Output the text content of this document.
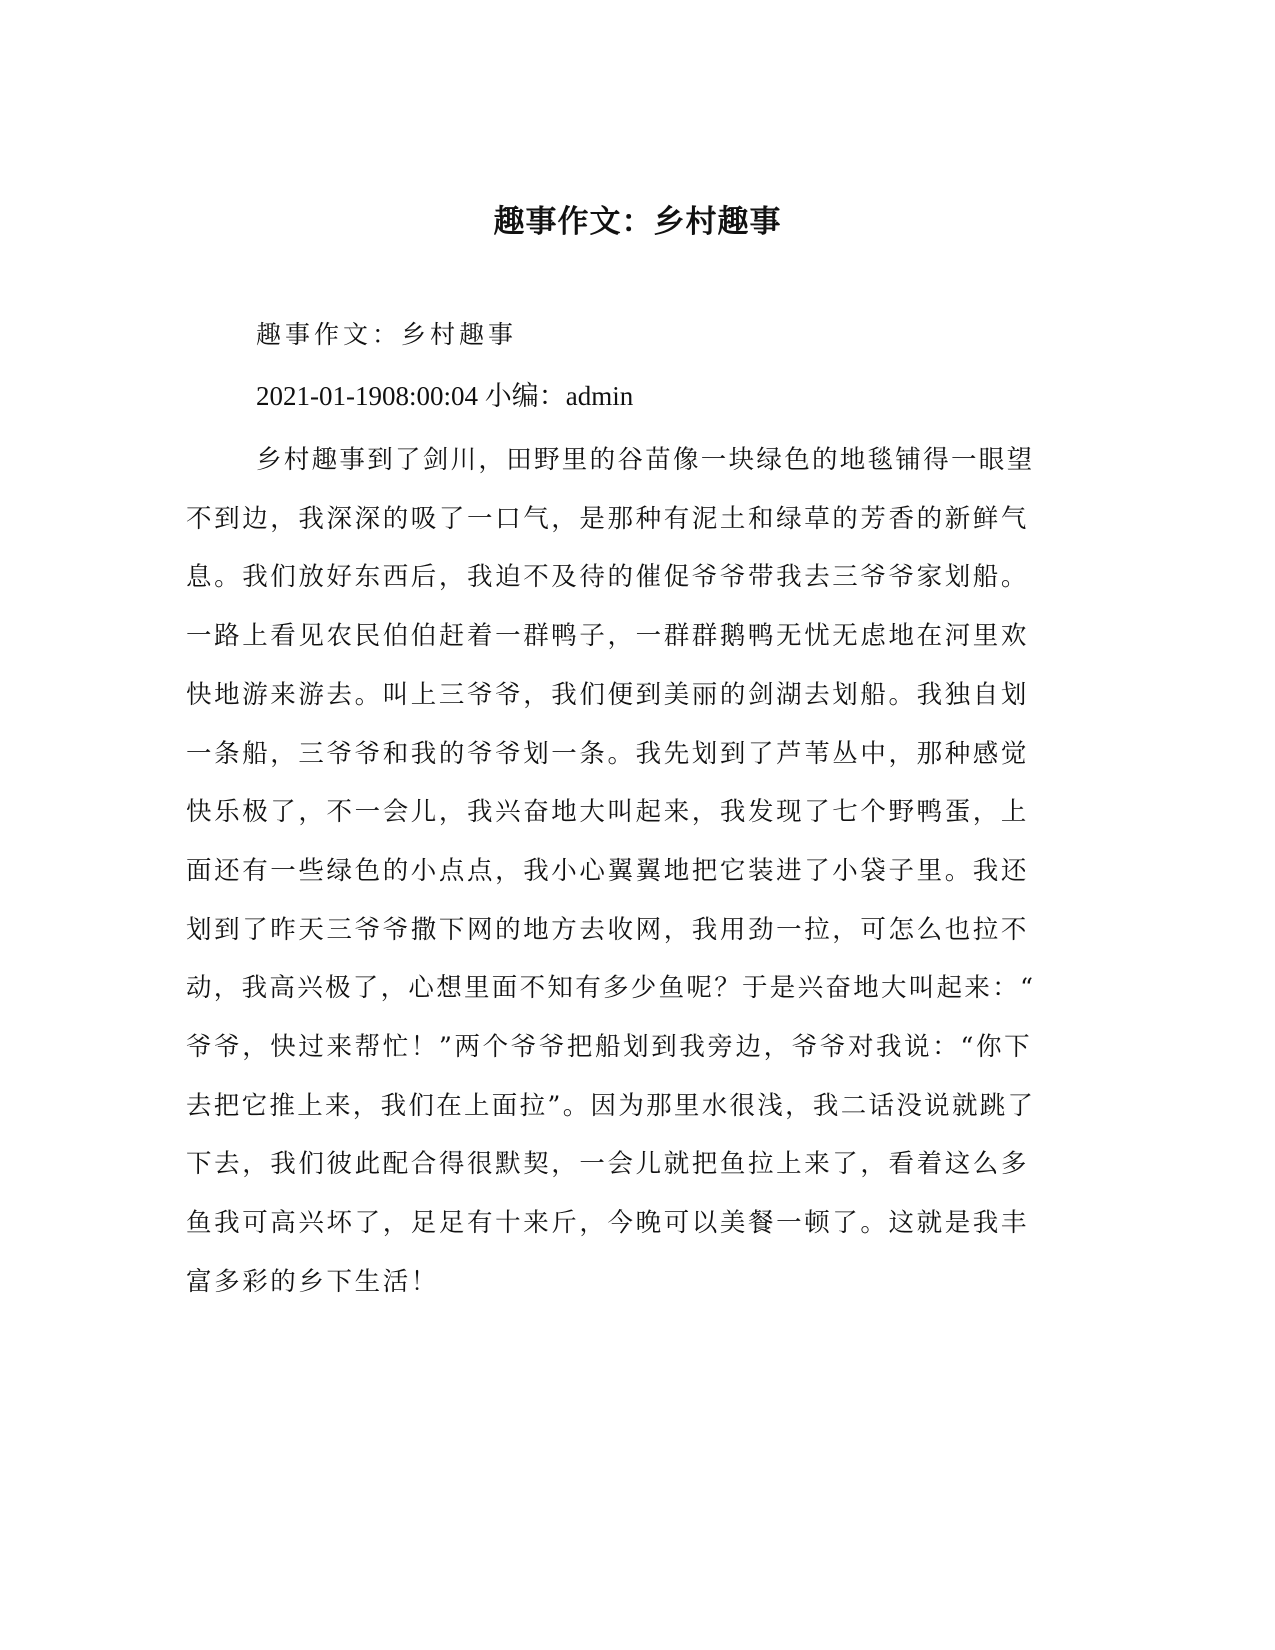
趣事作文：乡村趣事

趣事作文：乡村趣事

2021-01-1908:00:04 小编：admin

乡村趣事到了剑川，田野里的谷苗像一块绿色的地毯铺得一眼望
不到边，我深深的吸了一口气，是那种有泥土和绿草的芳香的新鲜气
息。我们放好东西后，我迫不及待的催促爷爷带我去三爷爷家划船。
一路上看见农民伯伯赶着一群鸭子，一群群鹅鸭无忧无虑地在河里欢
快地游来游去。叫上三爷爷，我们便到美丽的剑湖去划船。我独自划
一条船，三爷爷和我的爷爷划一条。我先划到了芦苇丛中，那种感觉
快乐极了，不一会儿，我兴奋地大叫起来，我发现了七个野鸭蛋，上
面还有一些绿色的小点点，我小心翼翼地把它装进了小袋子里。我还
划到了昨天三爷爷撒下网的地方去收网，我用劲一拉，可怎么也拉不
动，我高兴极了，心想里面不知有多少鱼呢？于是兴奋地大叫起来：“
爷爷，快过来帮忙！”两个爷爷把船划到我旁边，爷爷对我说：“你下
去把它推上来，我们在上面拉”。因为那里水很浅，我二话没说就跳了
下去，我们彼此配合得很默契，一会儿就把鱼拉上来了，看着这么多
鱼我可高兴坏了，足足有十来斤，今晚可以美餐一顿了。这就是我丰
富多彩的乡下生活！
